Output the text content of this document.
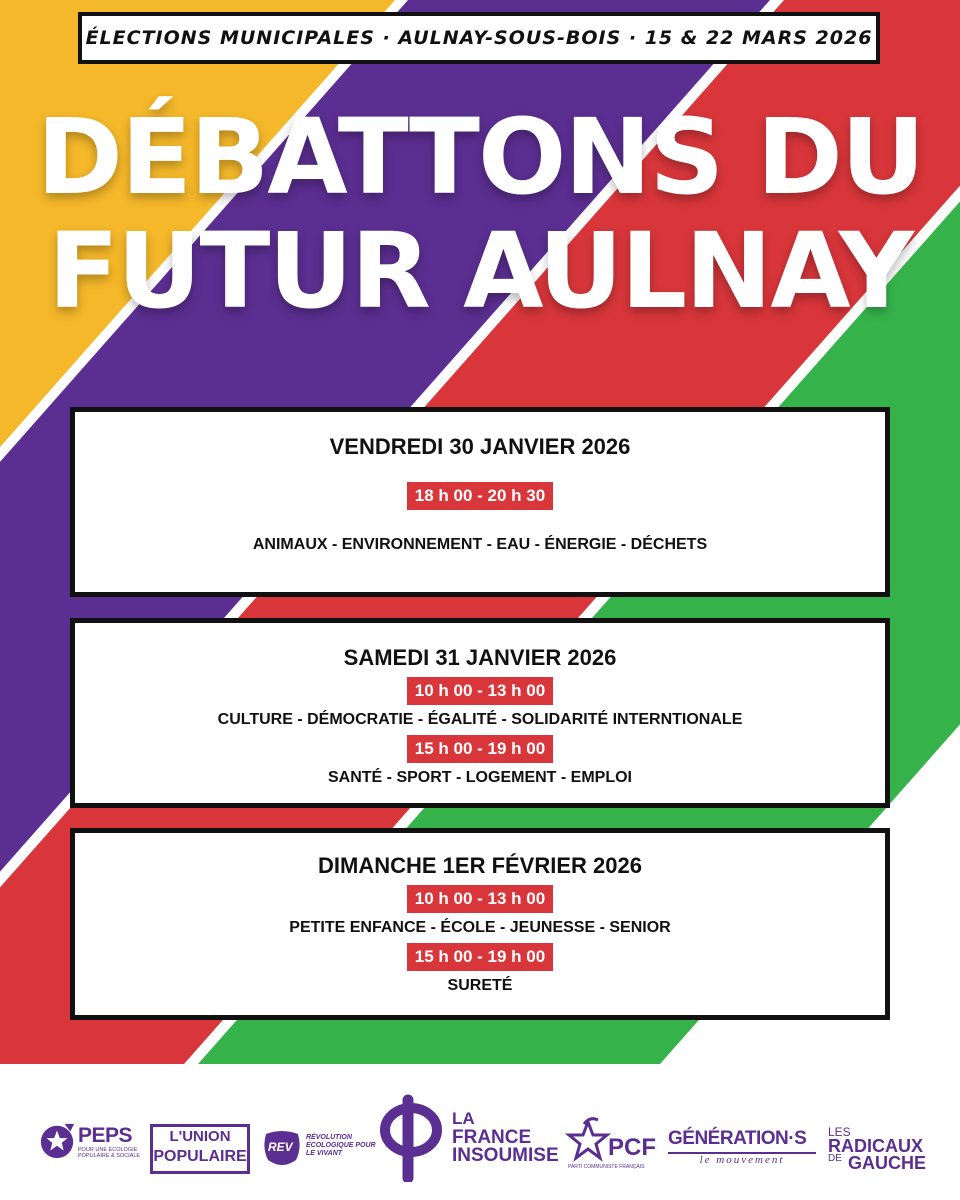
ÉLECTIONS MUNICIPALES · AULNAY-SOUS-BOIS · 15 & 22 MARS 2026
DÉBATTONS DU
FUTUR AULNAY
VENDREDI 30 JANVIER 2026
18 h 00 - 20 h 30
ANIMAUX - ENVIRONNEMENT - EAU - ÉNERGIE - DÉCHETS
SAMEDI 31 JANVIER 2026
10 h 00 - 13 h 00
CULTURE - DÉMOCRATIE - ÉGALITÉ - SOLIDARITÉ INTERNTIONALE
15 h 00 - 19 h 00
SANTÉ - SPORT - LOGEMENT - EMPLOI
DIMANCHE 1ER FÉVRIER 2026
10 h 00 - 13 h 00
PETITE ENFANCE - ÉCOLE - JEUNESSE - SENIOR
15 h 00 - 19 h 00
SURETÉ
PEPS
POUR UNE ÉCOLOGIE POPULAIRE & SOCIALE
L'UNION
POPULAIRE
REV
RÉVOLUTION ÉCOLOGIQUE POUR LE VIVANT
LA
FRANCE
INSOUMISE PCF
PARTI COMMUNISTE FRANÇAIS
GÉNÉRATION·S
le mouvement
LES
RADICAUX
DE GAUCHE
